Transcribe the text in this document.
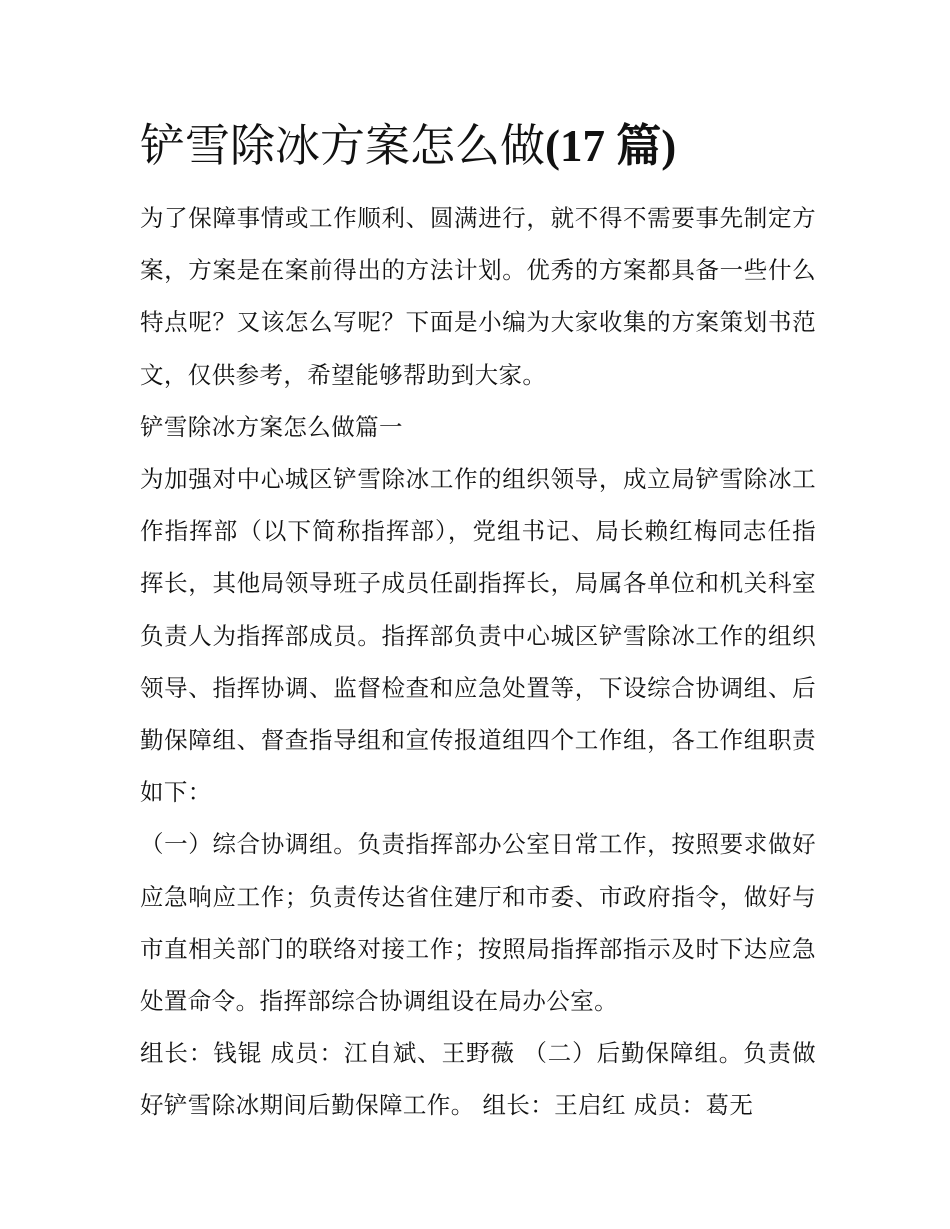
铲雪除冰方案怎么做(17 篇)

为了保障事情或工作顺利、圆满进行，就不得不需要事先制定方案，方案是在案前得出的方法计划。优秀的方案都具备一些什么特点呢？又该怎么写呢？下面是小编为大家收集的方案策划书范文，仅供参考，希望能够帮助到大家。

铲雪除冰方案怎么做篇一

为加强对中心城区铲雪除冰工作的组织领导，成立局铲雪除冰工作指挥部（以下简称指挥部），党组书记、局长赖红梅同志任指挥长，其他局领导班子成员任副指挥长，局属各单位和机关科室负责人为指挥部成员。指挥部负责中心城区铲雪除冰工作的组织领导、指挥协调、监督检查和应急处置等，下设综合协调组、后勤保障组、督查指导组和宣传报道组四个工作组，各工作组职责如下：

（一）综合协调组。负责指挥部办公室日常工作，按照要求做好应急响应工作；负责传达省住建厅和市委、市政府指令，做好与市直相关部门的联络对接工作；按照局指挥部指示及时下达应急处置命令。指挥部综合协调组设在局办公室。

组长：钱锟 成员：江自斌、王野薇 （二）后勤保障组。负责做好铲雪除冰期间后勤保障工作。 组长：王启红 成员：葛无
